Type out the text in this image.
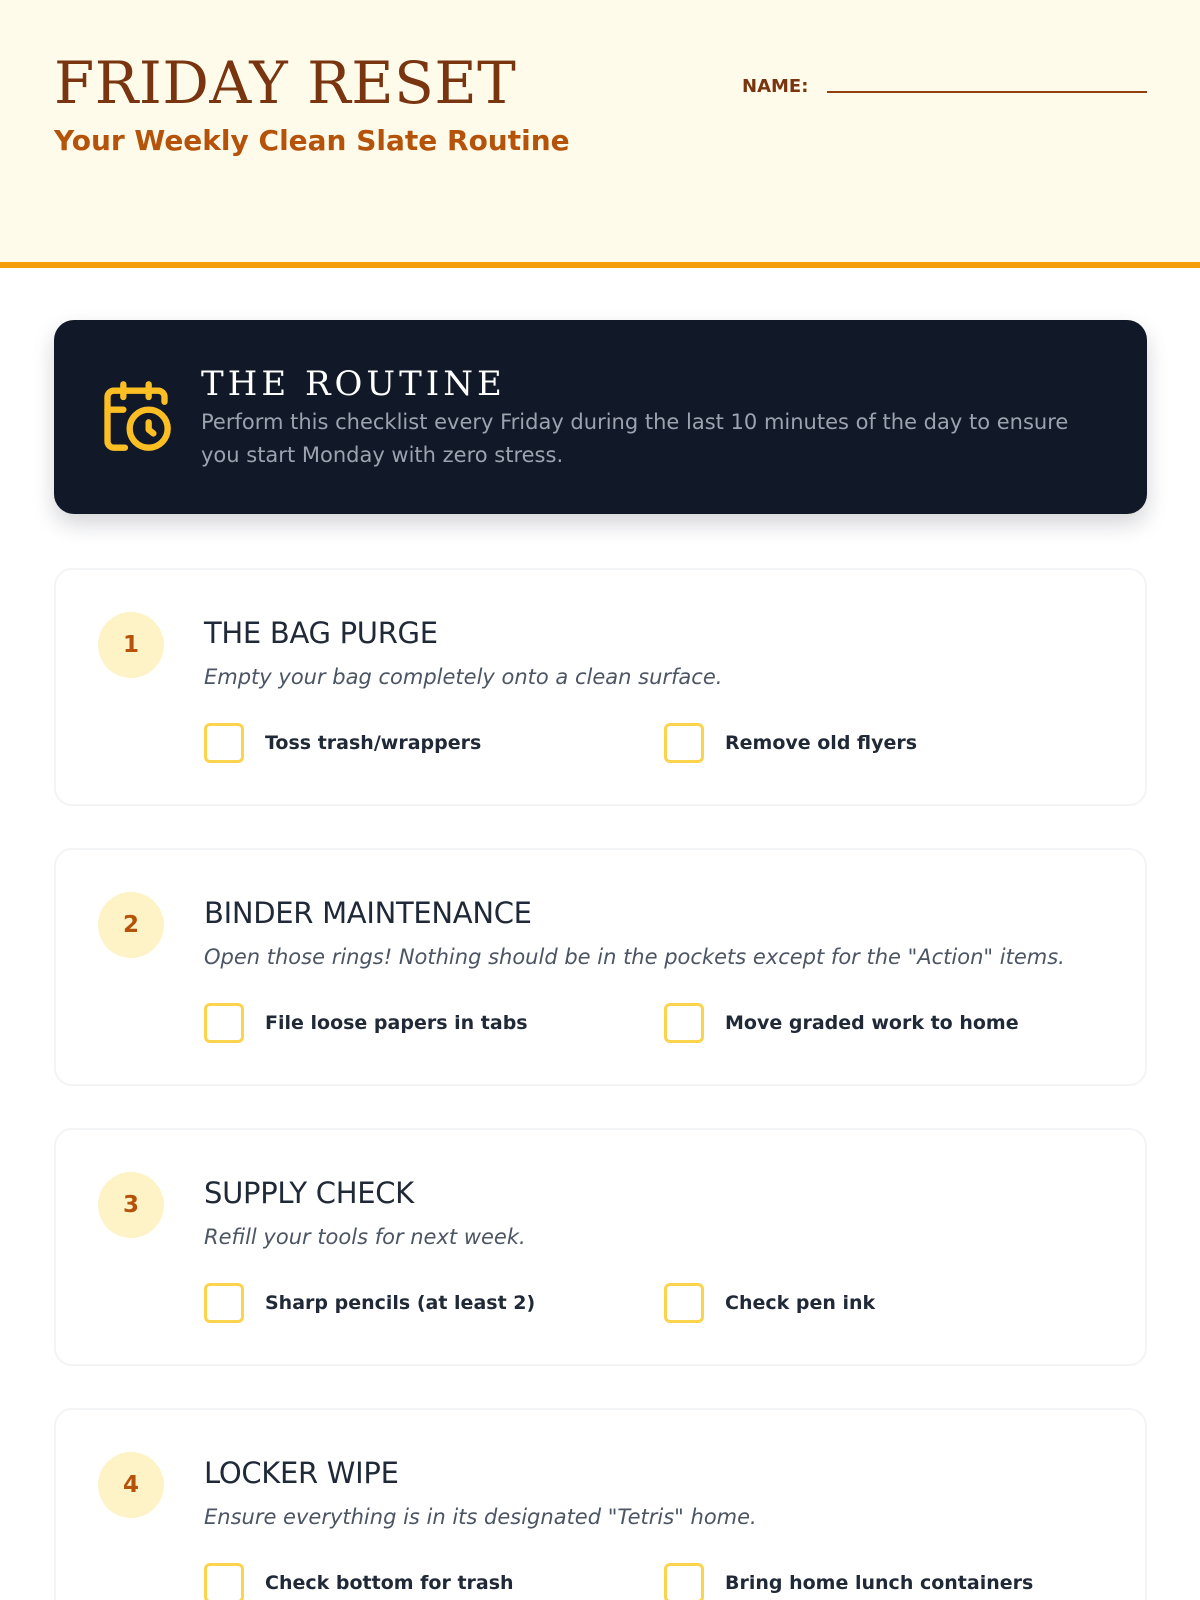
FRIDAY RESET
Your Weekly Clean Slate Routine
NAME:
THE ROUTINE
Perform this checklist every Friday during the last 10 minutes of the day to ensure you start Monday with zero stress.
1	THE BAG PURGE
Empty your bag completely onto a clean surface.
Toss trash/wrappers	Remove old flyers
2	BINDER MAINTENANCE
Open those rings! Nothing should be in the pockets except for the "Action" items.
File loose papers in tabs	Move graded work to home
3	SUPPLY CHECK
Refill your tools for next week.
Sharp pencils (at least 2)	Check pen ink
4	LOCKER WIPE
Ensure everything is in its designated "Tetris" home.
Check bottom for trash	Bring home lunch containers
